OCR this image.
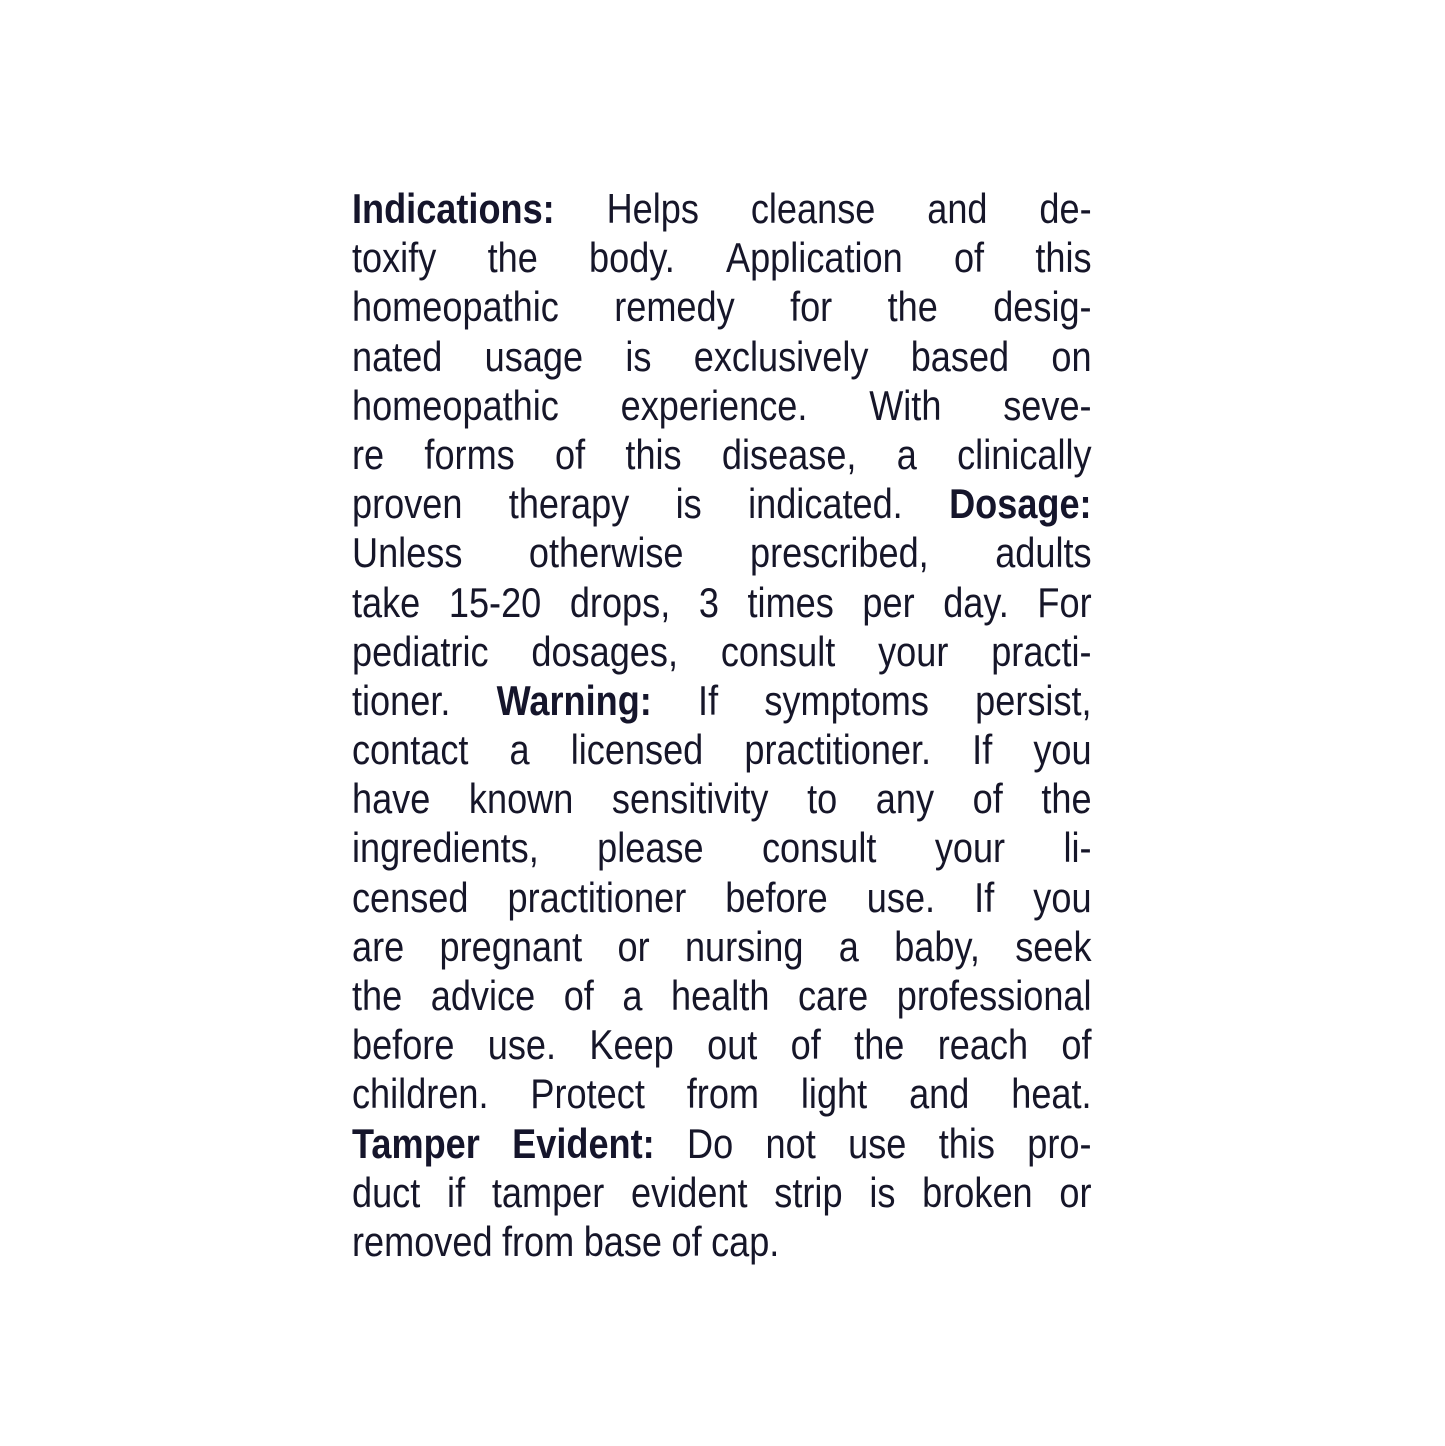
Indications: Helps cleanse and de-
toxify the body. Application of this
homeopathic remedy for the desig-
nated usage is exclusively based on
homeopathic experience. With seve-
re forms of this disease, a clinically
proven therapy is indicated. Dosage:
Unless otherwise prescribed, adults
take 15-20 drops, 3 times per day. For
pediatric dosages, consult your practi-
tioner. Warning: If symptoms persist,
contact a licensed practitioner. If you
have known sensitivity to any of the
ingredients, please consult your li-
censed practitioner before use. If you
are pregnant or nursing a baby, seek
the advice of a health care professional
before use. Keep out of the reach of
children. Protect from light and heat.
Tamper Evident: Do not use this pro-
duct if tamper evident strip is broken or
removed from base of cap.
